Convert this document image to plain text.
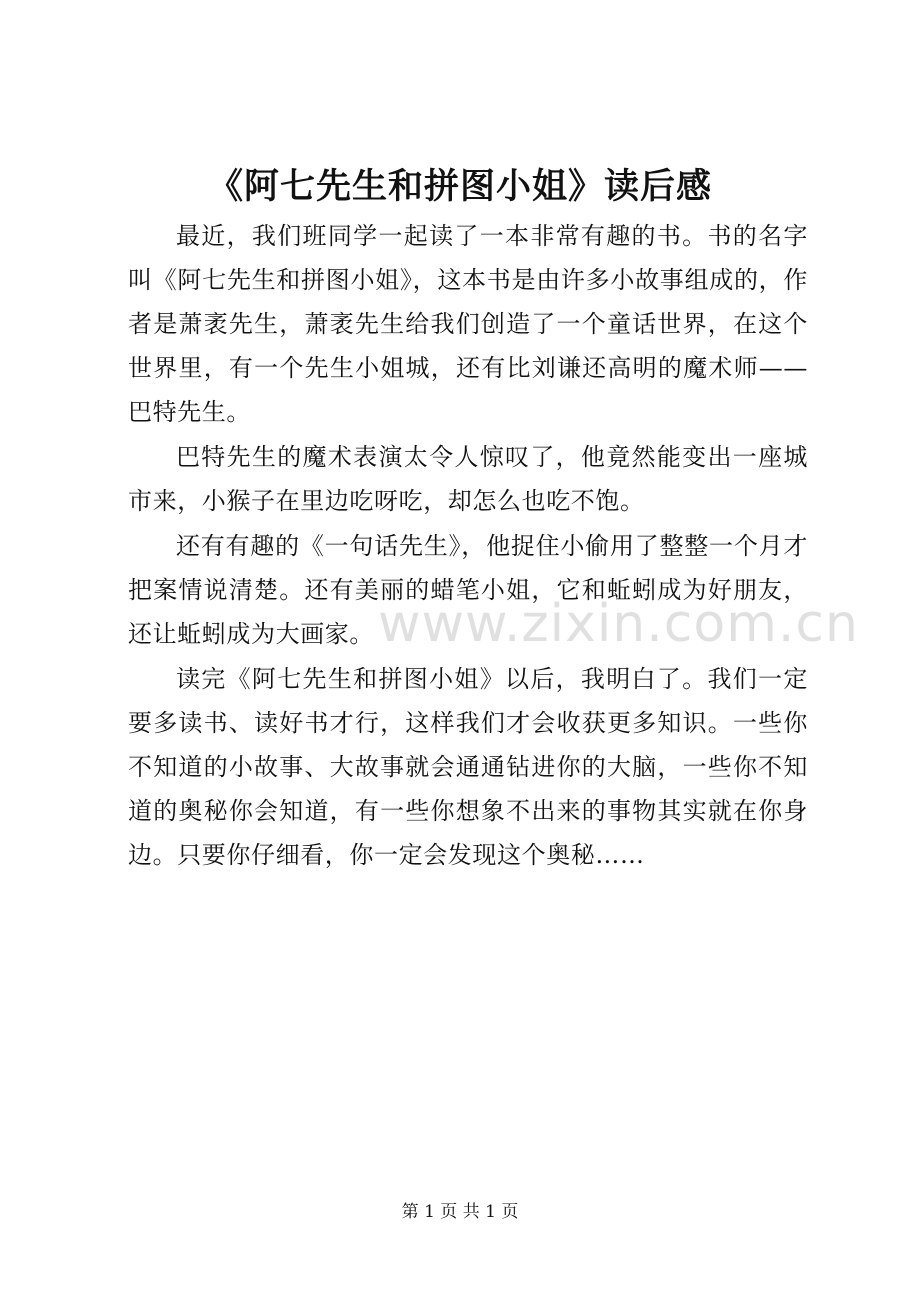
《阿七先生和拼图小姐》读后感

最近，我们班同学一起读了一本非常有趣的书。书的名字叫《阿七先生和拼图小姐》，这本书是由许多小故事组成的，作者是萧袤先生，萧袤先生给我们创造了一个童话世界，在这个世界里，有一个先生小姐城，还有比刘谦还高明的魔术师——巴特先生。

巴特先生的魔术表演太令人惊叹了，他竟然能变出一座城市来，小猴子在里边吃呀吃，却怎么也吃不饱。

还有有趣的《一句话先生》，他捉住小偷用了整整一个月才把案情说清楚。还有美丽的蜡笔小姐，它和蚯蚓成为好朋友，还让蚯蚓成为大画家。

读完《阿七先生和拼图小姐》以后，我明白了。我们一定要多读书、读好书才行，这样我们才会收获更多知识。一些你不知道的小故事、大故事就会通通钻进你的大脑，一些你不知道的奥秘你会知道，有一些你想象不出来的事物其实就在你身边。只要你仔细看，你一定会发现这个奥秘……

www.zixin.com.cn
第 1 页 共 1 页
